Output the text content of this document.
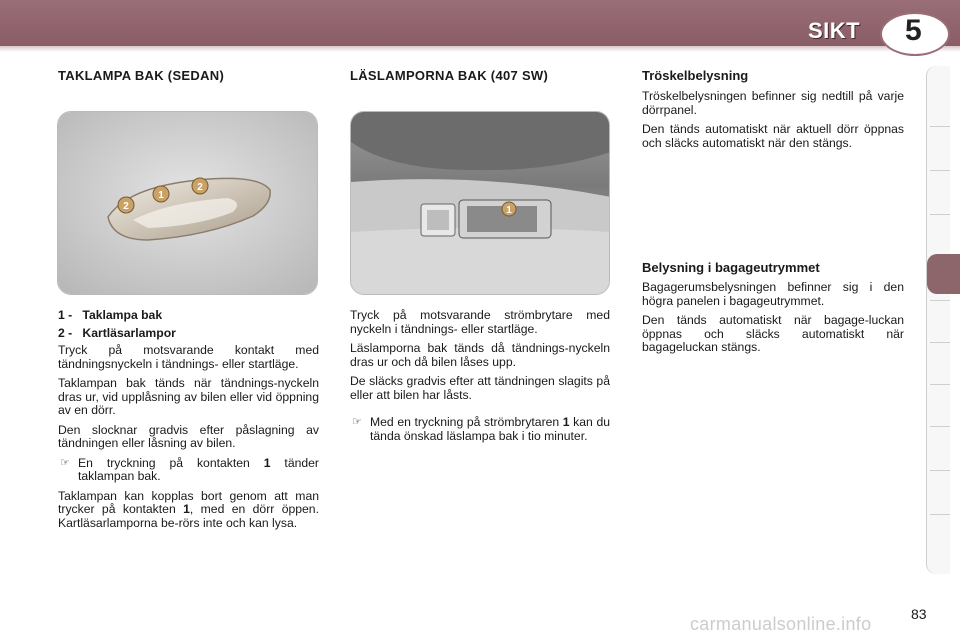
SIKT 5
TAKLAMPA BAK (SEDAN)
1
2
2
1 - Taklampa bak
2 - Kartläsarlampor

Tryck på motsvarande kontakt med tändningsnyckeln i tändnings- eller startläge.

Taklampan bak tänds när tändnings-nyckeln dras ur, vid upplåsning av bilen eller vid öppning av en dörr.

Den slocknar gradvis efter påslagning av tändningen eller låsning av bilen.

☞ En tryckning på kontakten 1 tänder taklampan bak.

Taklampan kan kopplas bort genom att man trycker på kontakten 1, med en dörr öppen. Kartläsarlamporna be-rörs inte och kan lysa.

LÄSLAMPORNA BAK (407 SW)
1

Tryck på motsvarande strömbrytare med nyckeln i tändnings- eller startläge.

Läslamporna bak tänds då tändnings-nyckeln dras ur och då bilen låses upp.

De släcks gradvis efter att tändningen slagits på eller att bilen har låsts.

☞ Med en tryckning på strömbrytaren 1 kan du tända önskad läslampa bak i tio minuter.

Tröskelbelysning

Tröskelbelysningen befinner sig nedtill på varje dörrpanel.

Den tänds automatiskt när aktuell dörr öppnas och släcks automatiskt när den stängs.

Belysning i bagageutrymmet

Bagagerumsbelysningen befinner sig i den högra panelen i bagageutrymmet.

Den tänds automatiskt när bagage-luckan öppnas och släcks automatiskt när bagageluckan stängs.

83
carmanualsonline.info
